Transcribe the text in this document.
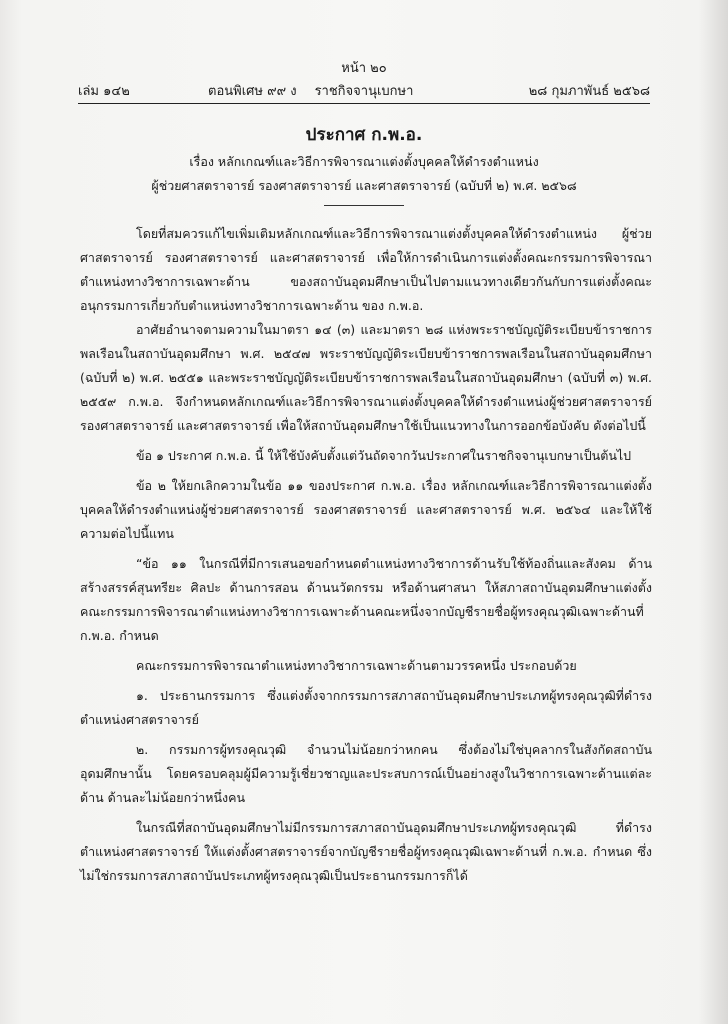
หน้า ๒๐
เล่ม ๑๔๒	ตอนพิเศษ ๙๙ ง	ราชกิจจานุเบกษา	๒๘ กุมภาพันธ์ ๒๕๖๘
ประกาศ ก.พ.อ.
เรื่อง หลักเกณฑ์และวิธีการพิจารณาแต่งตั้งบุคคลให้ดำรงตำแหน่ง
ผู้ช่วยศาสตราจารย์ รองศาสตราจารย์ และศาสตราจารย์ (ฉบับที่ ๒) พ.ศ. ๒๕๖๘

โดยที่สมควรแก้ไขเพิ่มเติมหลักเกณฑ์และวิธีการพิจารณาแต่งตั้งบุคคลให้ดำรงตำแหน่ง ผู้ช่วยศาสตราจารย์ รองศาสตราจารย์ และศาสตราจารย์ เพื่อให้การดำเนินการแต่งตั้งคณะกรรมการพิจารณาตำแหน่งทางวิชาการเฉพาะด้าน ของสถาบันอุดมศึกษาเป็นไปตามแนวทางเดียวกันกับการแต่งตั้งคณะอนุกรรมการเกี่ยวกับตำแหน่งทางวิชาการเฉพาะด้าน ของ ก.พ.อ.

อาศัยอำนาจตามความในมาตรา ๑๔ (๓) และมาตรา ๒๘ แห่งพระราชบัญญัติระเบียบข้าราชการพลเรือนในสถาบันอุดมศึกษา พ.ศ. ๒๕๔๗ พระราชบัญญัติระเบียบข้าราชการพลเรือนในสถาบันอุดมศึกษา (ฉบับที่ ๒) พ.ศ. ๒๕๕๑ และพระราชบัญญัติระเบียบข้าราชการพลเรือนในสถาบันอุดมศึกษา (ฉบับที่ ๓) พ.ศ. ๒๕๕๙ ก.พ.อ. จึงกำหนดหลักเกณฑ์และวิธีการพิจารณาแต่งตั้งบุคคลให้ดำรงตำแหน่งผู้ช่วยศาสตราจารย์ รองศาสตราจารย์ และศาสตราจารย์ เพื่อให้สถาบันอุดมศึกษาใช้เป็นแนวทางในการออกข้อบังคับ ดังต่อไปนี้

ข้อ ๑ ประกาศ ก.พ.อ. นี้ ให้ใช้บังคับตั้งแต่วันถัดจากวันประกาศในราชกิจจานุเบกษาเป็นต้นไป

ข้อ ๒ ให้ยกเลิกความในข้อ ๑๑ ของประกาศ ก.พ.อ. เรื่อง หลักเกณฑ์และวิธีการพิจารณาแต่งตั้งบุคคลให้ดำรงตำแหน่งผู้ช่วยศาสตราจารย์ รองศาสตราจารย์ และศาสตราจารย์ พ.ศ. ๒๕๖๔ และให้ใช้ความต่อไปนี้แทน

“ข้อ ๑๑ ในกรณีที่มีการเสนอขอกำหนดตำแหน่งทางวิชาการด้านรับใช้ท้องถิ่นและสังคม ด้านสร้างสรรค์สุนทรียะ ศิลปะ ด้านการสอน ด้านนวัตกรรม หรือด้านศาสนา ให้สภาสถาบันอุดมศึกษาแต่งตั้งคณะกรรมการพิจารณาตำแหน่งทางวิชาการเฉพาะด้านคณะหนึ่งจากบัญชีรายชื่อผู้ทรงคุณวุฒิเฉพาะด้านที่ ก.พ.อ. กำหนด

คณะกรรมการพิจารณาตำแหน่งทางวิชาการเฉพาะด้านตามวรรคหนึ่ง ประกอบด้วย

๑. ประธานกรรมการ ซึ่งแต่งตั้งจากกรรมการสภาสถาบันอุดมศึกษาประเภทผู้ทรงคุณวุฒิที่ดำรงตำแหน่งศาสตราจารย์

๒. กรรมการผู้ทรงคุณวุฒิ จำนวนไม่น้อยกว่าหกคน ซึ่งต้องไม่ใช่บุคลากรในสังกัดสถาบันอุดมศึกษานั้น โดยครอบคลุมผู้มีความรู้เชี่ยวชาญและประสบการณ์เป็นอย่างสูงในวิชาการเฉพาะด้านแต่ละด้าน ด้านละไม่น้อยกว่าหนึ่งคน

ในกรณีที่สถาบันอุดมศึกษาไม่มีกรรมการสภาสถาบันอุดมศึกษาประเภทผู้ทรงคุณวุฒิ ที่ดำรงตำแหน่งศาสตราจารย์ ให้แต่งตั้งศาสตราจารย์จากบัญชีรายชื่อผู้ทรงคุณวุฒิเฉพาะด้านที่ ก.พ.อ. กำหนด ซึ่งไม่ใช่กรรมการสภาสถาบันประเภทผู้ทรงคุณวุฒิเป็นประธานกรรมการก็ได้
